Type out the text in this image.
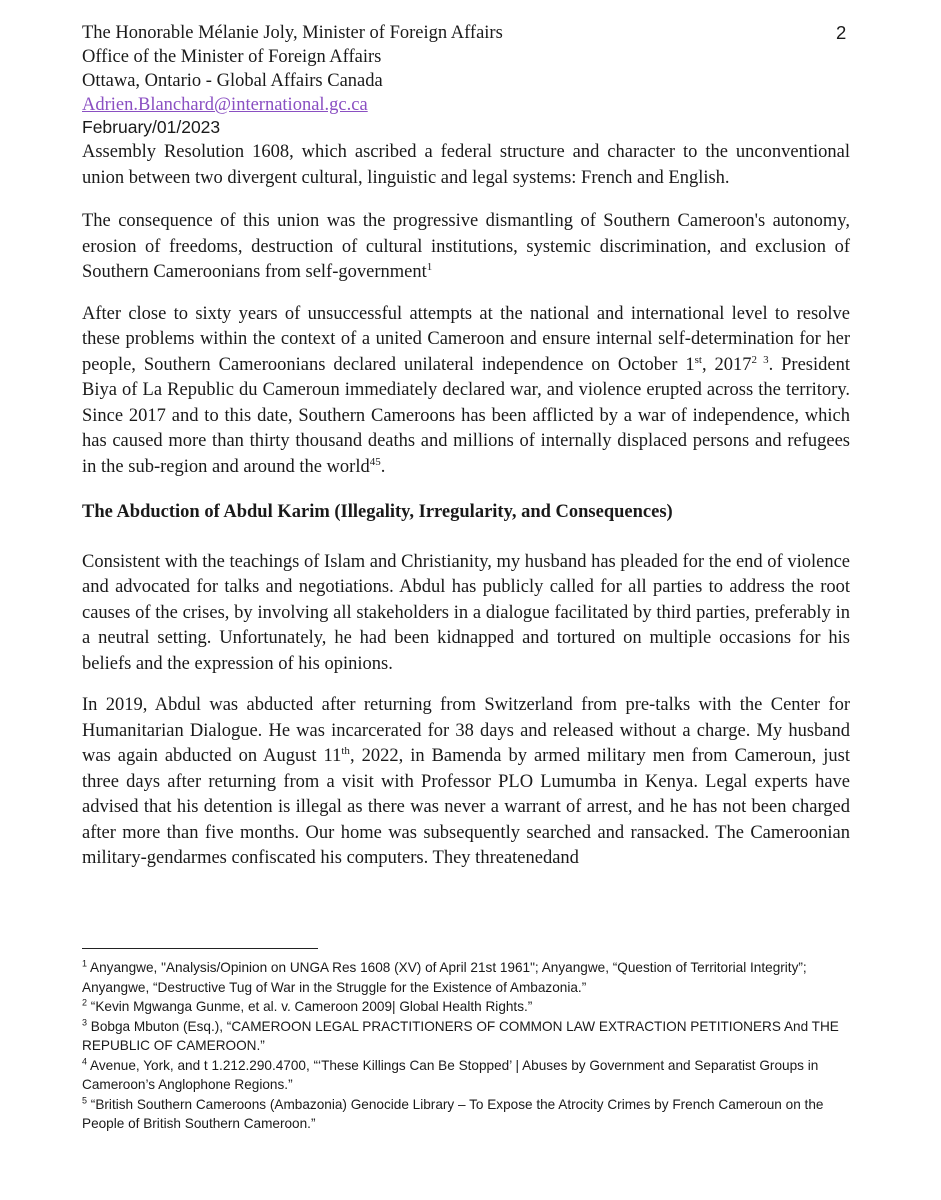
The Honorable Mélanie Joly, Minister of Foreign Affairs
Office of the Minister of Foreign Affairs
Ottawa, Ontario - Global Affairs Canada
Adrien.Blanchard@international.gc.ca
February/01/2023
2

Assembly Resolution 1608, which ascribed a federal structure and character to the unconventional union between two divergent cultural, linguistic and legal systems: French and English.

The consequence of this union was the progressive dismantling of Southern Cameroon's autonomy, erosion of freedoms, destruction of cultural institutions, systemic discrimination, and exclusion of Southern Cameroonians from self-government$^1$

After close to sixty years of unsuccessful attempts at the national and international level to resolve these problems within the context of a united Cameroon and ensure internal self-determination for her people, Southern Cameroonians declared unilateral independence on October 1st, $2017^{2 3}$. President Biya of La Republic du Cameroun immediately declared war, and violence erupted across the territory. Since 2017 and to this date, Southern Cameroons has been afflicted by a war of independence, which has caused more than thirty thousand deaths and millions of internally displaced persons and refugees in the sub-region and around the world$^{45}$.

The Abduction of Abdul Karim (Illegality, Irregularity, and Consequences)

Consistent with the teachings of Islam and Christianity, my husband has pleaded for the end of violence and advocated for talks and negotiations. Abdul has publicly called for all parties to address the root causes of the crises, by involving all stakeholders in a dialogue facilitated by third parties, preferably in a neutral setting. Unfortunately, he had been kidnapped and tortured on multiple occasions for his beliefs and the expression of his opinions.

In 2019, Abdul was abducted after returning from Switzerland from pre-talks with the Center for Humanitarian Dialogue. He was incarcerated for 38 days and released without a charge. My husband was again abducted on August 11th, 2022, in Bamenda by armed military men from Cameroun, just three days after returning from a visit with Professor PLO Lumumba in Kenya. Legal experts have advised that his detention is illegal as there was never a warrant of arrest, and he has not been charged after more than five months. Our home was subsequently searched and ransacked. The Cameroonian military-gendarmes confiscated his computers. They threatenedand

$^1$ Anyangwe, "Analysis/Opinion on UNGA Res 1608 (XV) of April 21st 1961"; Anyangwe, “Question of Territorial Integrity”; Anyangwe, “Destructive Tug of War in the Struggle for the Existence of Ambazonia.”

$^2$ “Kevin Mgwanga Gunme, et al. v. Cameroon 2009| Global Health Rights.”

$^3$ Bobga Mbuton (Esq.), “CAMEROON LEGAL PRACTITIONERS OF COMMON LAW EXTRACTION PETITIONERS And THE REPUBLIC OF CAMEROON.”

$^4$ Avenue, York, and t 1.212.290.4700, “‘These Killings Can Be Stopped’ | Abuses by Government and Separatist Groups in Cameroon’s Anglophone Regions.”

$^5$ “British Southern Cameroons (Ambazonia) Genocide Library – To Expose the Atrocity Crimes by French Cameroun on the People of British Southern Cameroon.”
